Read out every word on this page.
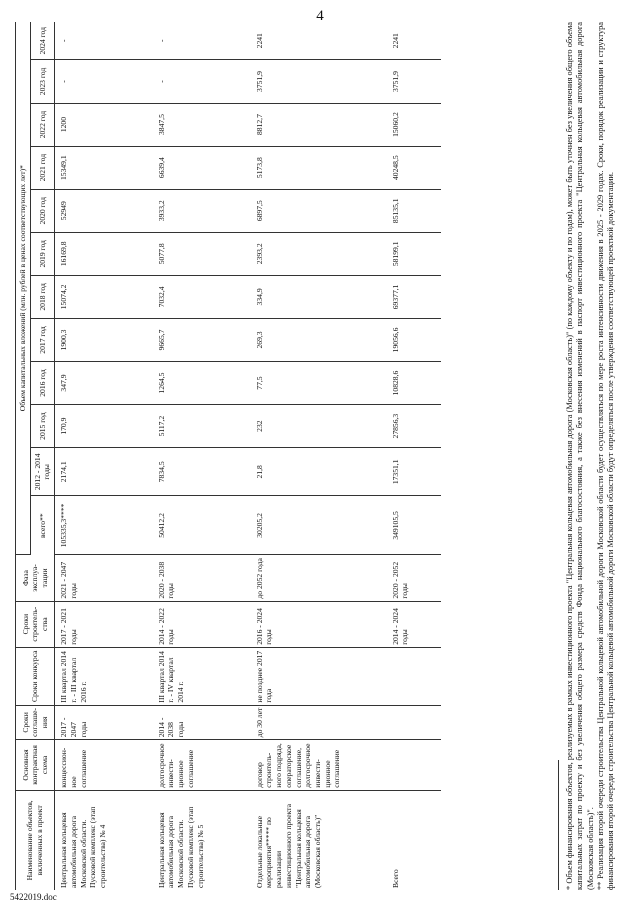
4
Наименование объектов, включенных в проект	Основная контрактная схема	Сроки соглаше-ния	Сроки конкурса	Сроки строитель-ства	Фаза эксплуа-тации	Объем капитальных вложений (млн. рублей в ценах соответствующих лет)*											
						всего**	2012 - 2014 годы	2015 год	2016 год	2017 год	2018 год	2019 год	2020 год	2021 год	2022 год	2023 год	2024 год
Центральная кольцевая автомобильная дорога Московской области. Пусковой комплекс (этап строительства) № 4	концессион-ное соглашение	2017 - 2047 годы	III квартал 2014 г. - III квартал 2016 г.	2017 - 2021 годы	2021 - 2047 годы	105335,3****	2174,1	170,9	347,9	1900,3	15074,2	16169,8	52949	15349,1	1200	-	-
Центральная кольцевая автомобильная дорога Московской области. Пусковой комплекс (этап строительства) № 5	долгосрочное инвести-ционное соглашение	2014 - 2038 годы	III квартал 2014 г. - IV квартал 2014 г.	2014 - 2022 годы	2020 - 2038 годы	50412,2	7834,5	5117,2	1264,5	9665,7	7032,4	5077,8	3933,2	6639,4	3847,5	-	-
Отдельные локальные мероприятия***** по реализации инвестиционного проекта "Центральная кольцевая автомобильная дорога (Московская область)"	договор строитель-ного подряда, операторское соглашение, долгосрочное инвести-ционное соглашение	до 30 лет	не позднее 2017 года	2016 - 2024 годы	до 2052 года	30205,2	21,8	232	77,5	269,3	334,9	2393,2	6897,5	5173,8	8812,7	3751,9	2241
Всего				2014 - 2024 годы	2020 - 2052 годы	349105,5	17351,1	27856,3	10828,6	19056,6	69377,1	58199,1	85135,1	40248,5	15060,2	3751,9	2241	* Объем финансирования объектов, реализуемых в рамках инвестиционного проекта "Центральная кольцевая автомобильная дорога (Московская область)" (по каждому объекту и по годам), может быть уточнен без увеличения общего объема капитальных затрат по проекту и без увеличения общего размера средств Фонда национального благосостояния, а также без внесения изменений в паспорт инвестиционного проекта "Центральная кольцевая автомобильная дорога (Московская область)". ** Реализация второй очереди строительства Центральной кольцевой автомобильной дороги Московской области будет осуществляться по мере роста интенсивности движения в 2025 - 2029 годах. Сроки, порядок реализации и структура финансирования второй очереди строительства Центральной кольцевой автомобильной дороги Московской области будут определяться после утверждения соответствующей проектной документации.

5422019.doc
